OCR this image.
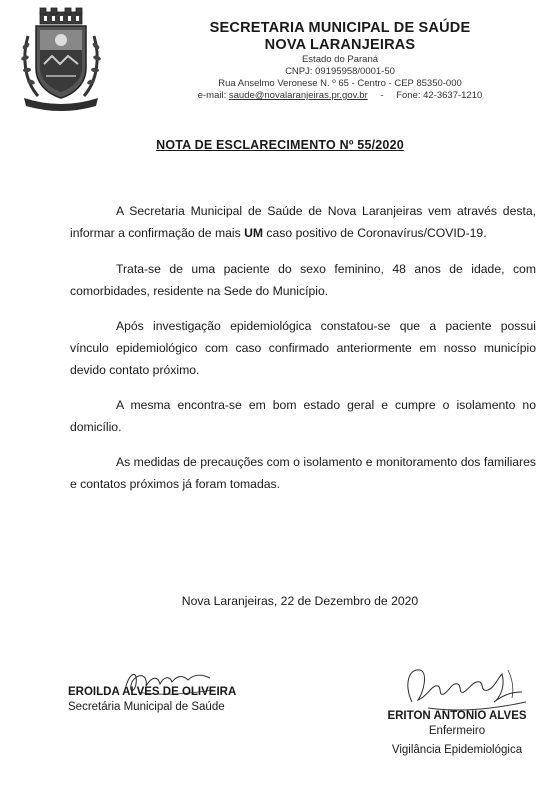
SECRETARIA MUNICIPAL DE SAÚDE
NOVA LARANJEIRAS
Estado do Paraná
CNPJ: 09195958/0001-50
Rua Anselmo Veronese N. º 65 - Centro - CEP 85350-000
e-mail: saude@novalaranjeiras.pr.gov.br - Fone: 42-3637-1210
NOTA DE ESCLARECIMENTO Nº 55/2020

A Secretaria Municipal de Saúde de Nova Laranjeiras vem através desta, informar a confirmação de mais UM caso positivo de Coronavírus/COVID-19.

Trata-se de uma paciente do sexo feminino, 48 anos de idade, com comorbidades, residente na Sede do Município.

Após investigação epidemiológica constatou-se que a paciente possui vínculo epidemiológico com caso confirmado anteriormente em nosso município devido contato próximo.

A mesma encontra-se em bom estado geral e cumpre o isolamento no domicílio.

As medidas de precauções com o isolamento e monitoramento dos familiares e contatos próximos já foram tomadas.

Nova Laranjeiras, 22 de Dezembro de 2020
EROILDA ALVES DE OLIVEIRA
Secretária Municipal de Saúde
ERITON ANTONIO ALVES
Enfermeiro
Vigilância Epidemiológica
